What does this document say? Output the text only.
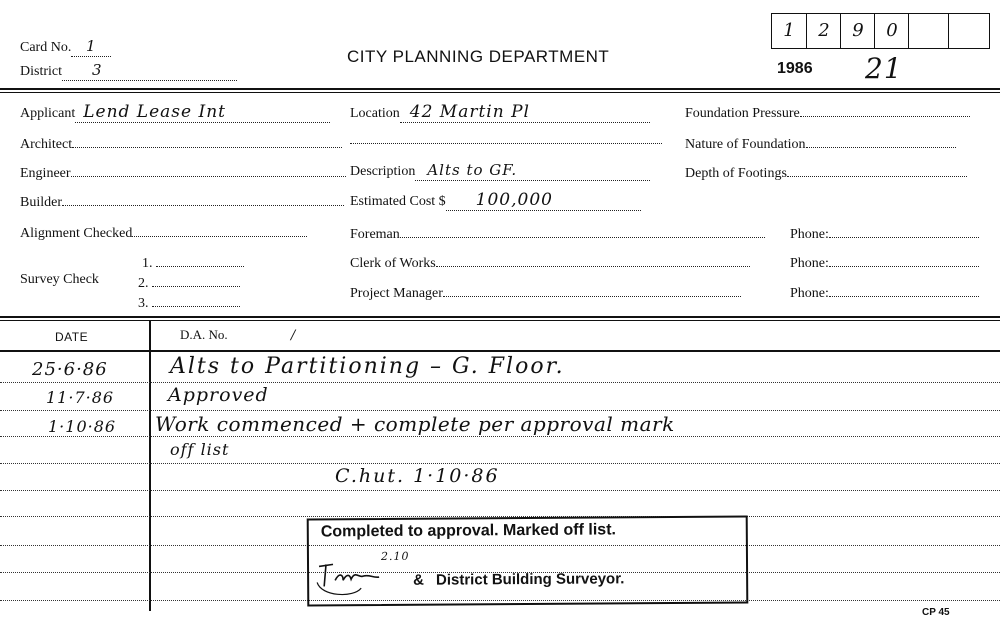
Card No. 1
District 3
CITY PLANNING DEPARTMENT
1	2	9	0
1986 21
Applicant Lend Lease Int
Architect
Engineer
Builder
Alignment Checked
Survey Check
1.
2.
3.
Location 42 Martin Pl
Description Alts to GF.
Estimated Cost $ 100,000
Foreman
Clerk of Works
Project Manager
Foundation Pressure
Nature of Foundation
Depth of Footings
Phone:
Phone:
Phone:
DATE	D.A. No.	/
25·6·86	Alts to Partitioning – G. Floor.
11·7·86	Approved
1·10·86 Work commenced + complete per approval mark
off list
C.hut. 1·10·86
Completed to approval. Marked off list.
2.10
& District Building Surveyor.
CP 45
